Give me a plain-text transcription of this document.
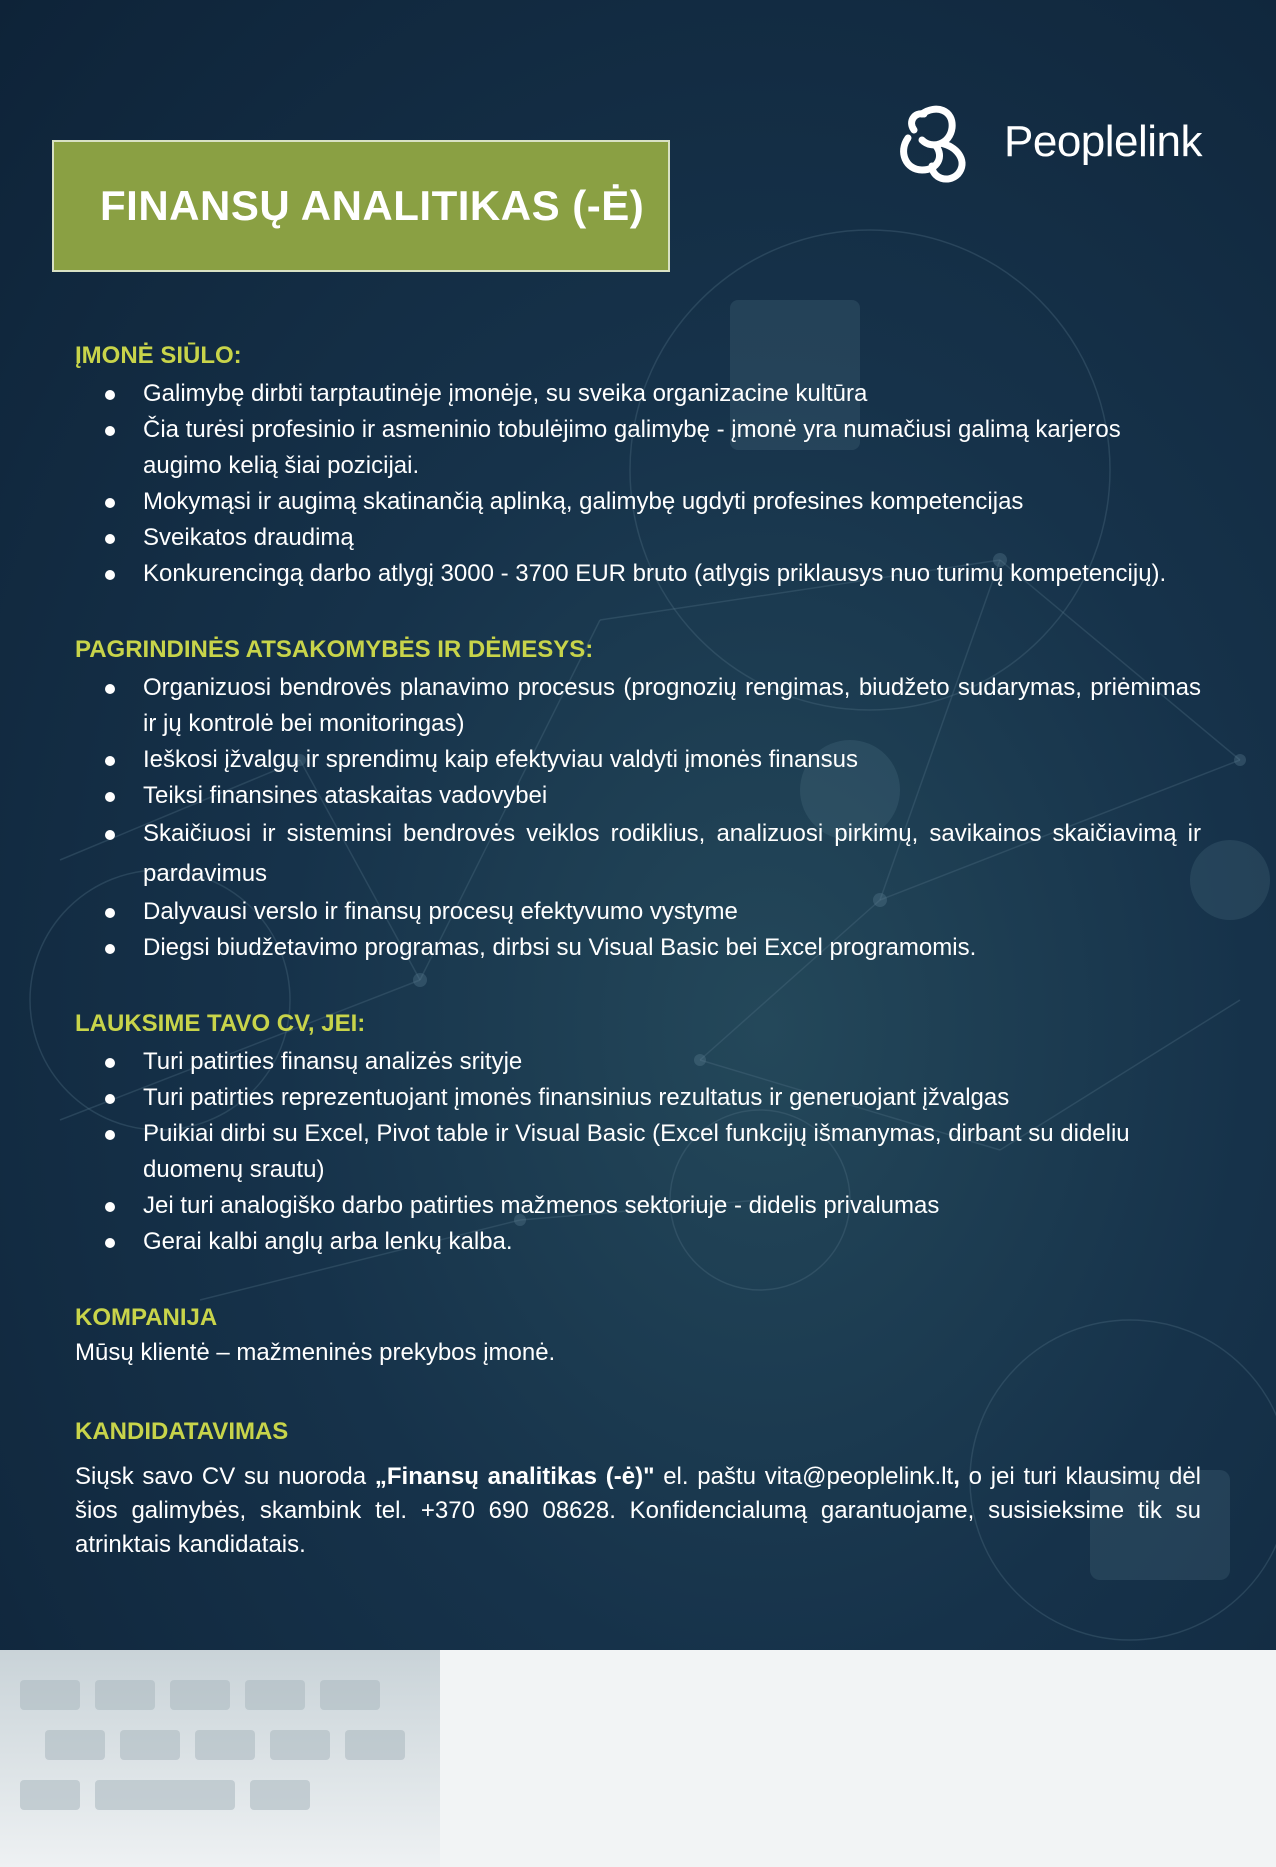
FINANSŲ ANALITIKAS (-Ė)
Peoplelink
ĮMONĖ SIŪLO:
Galimybę dirbti tarptautinėje įmonėje, su sveika organizacine kultūra
Čia turėsi profesinio ir asmeninio tobulėjimo galimybę - įmonė yra numačiusi galimą karjeros augimo kelią šiai pozicijai.
Mokymąsi ir augimą skatinančią aplinką, galimybę ugdyti profesines kompetencijas
Sveikatos draudimą
Konkurencingą darbo atlygį 3000 - 3700 EUR bruto (atlygis priklausys nuo turimų kompetencijų).
PAGRINDINĖS ATSAKOMYBĖS IR DĖMESYS:
Organizuosi bendrovės planavimo procesus (prognozių rengimas, biudžeto sudarymas, priėmimas ir jų kontrolė bei monitoringas)
Ieškosi įžvalgų ir sprendimų kaip efektyviau valdyti įmonės finansus
Teiksi finansines ataskaitas vadovybei
Skaičiuosi ir sisteminsi bendrovės veiklos rodiklius, analizuosi pirkimų, savikainos skaičiavimą ir pardavimus
Dalyvausi verslo ir finansų procesų efektyvumo vystyme
Diegsi biudžetavimo programas, dirbsi su Visual Basic bei Excel programomis.
LAUKSIME TAVO CV, JEI:
Turi patirties finansų analizės srityje
Turi patirties reprezentuojant įmonės finansinius rezultatus ir generuojant įžvalgas
Puikiai dirbi su Excel, Pivot table ir Visual Basic (Excel funkcijų išmanymas, dirbant su dideliu duomenų srautu)
Jei turi analogiško darbo patirties mažmenos sektoriuje - didelis privalumas
Gerai kalbi anglų arba lenkų kalba.
KOMPANIJA

Mūsų klientė – mažmeninės prekybos įmonė.

KANDIDATAVIMAS

Siųsk savo CV su nuoroda „Finansų analitikas (-ė)" el. paštu vita@peoplelink.lt, o jei turi klausimų dėl šios galimybės, skambink tel. +370 690 08628. Konfidencialumą garantuojame, susisieksime tik su atrinktais kandidatais.
